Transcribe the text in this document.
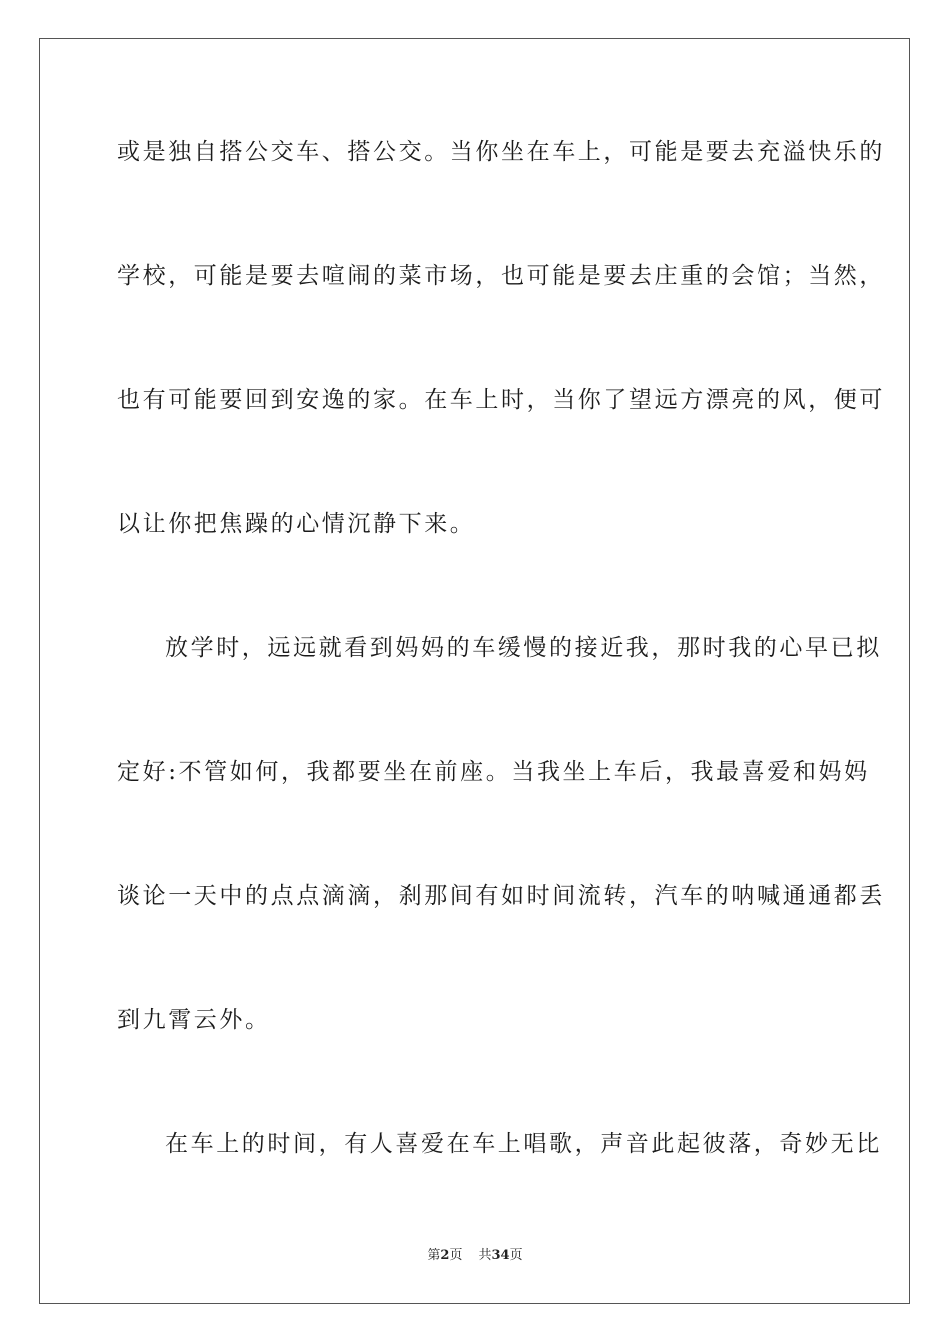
或是独自搭公交车、搭公交。当你坐在车上，可能是要去充溢快乐的
学校，可能是要去喧闹的菜市场，也可能是要去庄重的会馆；当然，
也有可能要回到安逸的家。在车上时，当你了望远方漂亮的风，便可
以让你把焦躁的心情沉静下来。
放学时，远远就看到妈妈的车缓慢的接近我，那时我的心早已拟
定好:不管如何，我都要坐在前座。当我坐上车后，我最喜爱和妈妈
谈论一天中的点点滴滴，刹那间有如时间流转，汽车的呐喊通通都丢
到九霄云外。
在车上的时间，有人喜爱在车上唱歌，声音此起彼落，奇妙无比
第2页 共34页
